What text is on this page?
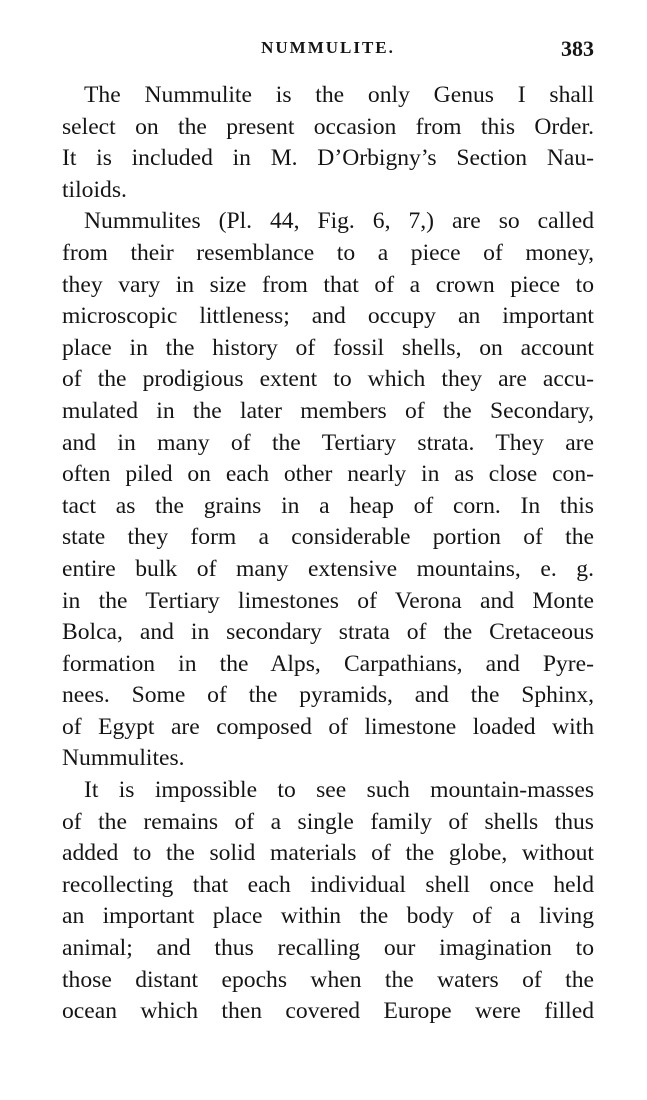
NUMMULITE.	383
The Nummulite is the only Genus I shall
select on the present occasion from this Order.
It is included in M. D’Orbigny’s Section Nau-
tiloids.
Nummulites (Pl. 44, Fig. 6, 7,) are so called
from their resemblance to a piece of money,
they vary in size from that of a crown piece to
microscopic littleness; and occupy an important
place in the history of fossil shells, on account
of the prodigious extent to which they are accu-
mulated in the later members of the Secondary,
and in many of the Tertiary strata. They are
often piled on each other nearly in as close con-
tact as the grains in a heap of corn. In this
state they form a considerable portion of the
entire bulk of many extensive mountains, e. g.
in the Tertiary limestones of Verona and Monte
Bolca, and in secondary strata of the Cretaceous
formation in the Alps, Carpathians, and Pyre-
nees. Some of the pyramids, and the Sphinx,
of Egypt are composed of limestone loaded with
Nummulites.
It is impossible to see such mountain-masses
of the remains of a single family of shells thus
added to the solid materials of the globe, without
recollecting that each individual shell once held
an important place within the body of a living
animal; and thus recalling our imagination to
those distant epochs when the waters of the
ocean which then covered Europe were filled
